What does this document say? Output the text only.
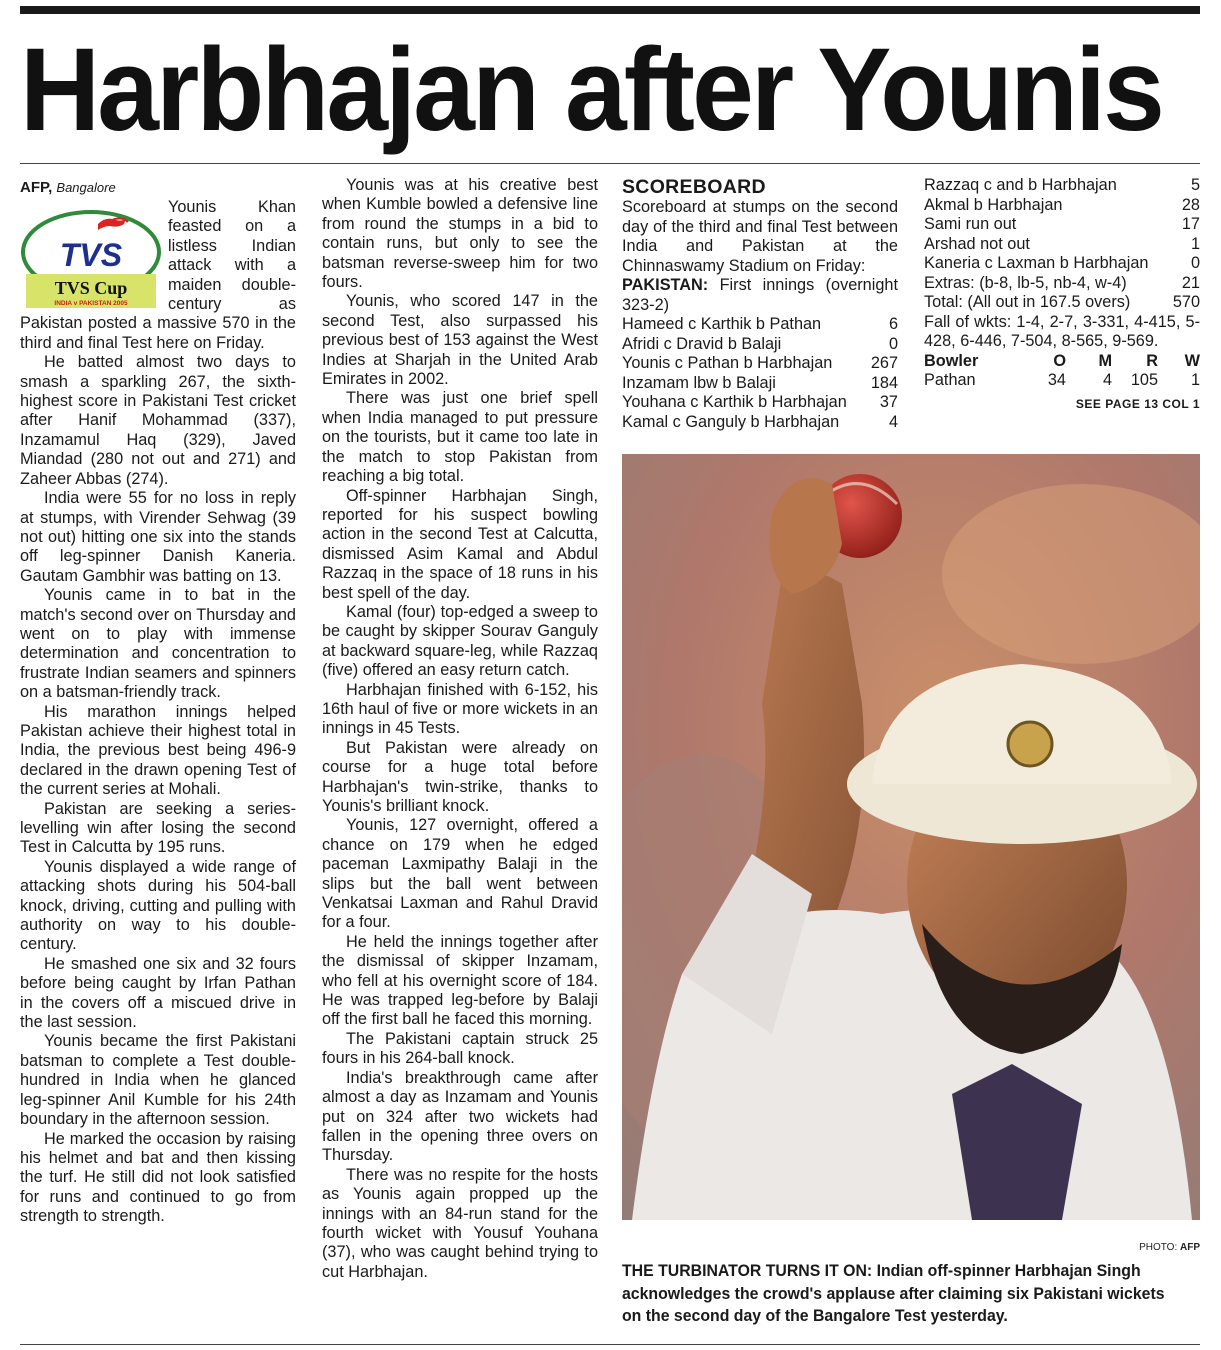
Harbhajan after Younis

AFP, Bangalore

TVS
TVS Cup
INDIA v PAKISTAN 2005

Younis Khan feasted on a listless Indian attack with a maiden double-century as Pakistan posted a massive 570 in the third and final Test here on Friday.

He batted almost two days to smash a sparkling 267, the sixth-highest score in Pakistani Test cricket after Hanif Mohammad (337), Inzamamul Haq (329), Javed Miandad (280 not out and 271) and Zaheer Abbas (274).

India were 55 for no loss in reply at stumps, with Virender Sehwag (39 not out) hitting one six into the stands off leg-spinner Danish Kaneria. Gautam Gambhir was batting on 13.

Younis came in to bat in the match's second over on Thursday and went on to play with immense determination and concentration to frustrate Indian seamers and spinners on a batsman-friendly track.

His marathon innings helped Pakistan achieve their highest total in India, the previous best being 496-9 declared in the drawn opening Test of the current series at Mohali.

Pakistan are seeking a series-levelling win after losing the second Test in Calcutta by 195 runs.

Younis displayed a wide range of attacking shots during his 504-ball knock, driving, cutting and pulling with authority on way to his double-century.

He smashed one six and 32 fours before being caught by Irfan Pathan in the covers off a miscued drive in the last session.

Younis became the first Pakistani batsman to complete a Test double-hundred in India when he glanced leg-spinner Anil Kumble for his 24th boundary in the afternoon session.

He marked the occasion by raising his helmet and bat and then kissing the turf. He still did not look satisfied for runs and continued to go from strength to strength.

Younis was at his creative best when Kumble bowled a defensive line from round the stumps in a bid to contain runs, but only to see the batsman reverse-sweep him for two fours.

Younis, who scored 147 in the second Test, also surpassed his previous best of 153 against the West Indies at Sharjah in the United Arab Emirates in 2002.

There was just one brief spell when India managed to put pressure on the tourists, but it came too late in the match to stop Pakistan from reaching a big total.

Off-spinner Harbhajan Singh, reported for his suspect bowling action in the second Test at Calcutta, dismissed Asim Kamal and Abdul Razzaq in the space of 18 runs in his best spell of the day.

Kamal (four) top-edged a sweep to be caught by skipper Sourav Ganguly at backward square-leg, while Razzaq (five) offered an easy return catch.

Harbhajan finished with 6-152, his 16th haul of five or more wickets in an innings in 45 Tests.

But Pakistan were already on course for a huge total before Harbhajan's twin-strike, thanks to Younis's brilliant knock.

Younis, 127 overnight, offered a chance on 179 when he edged paceman Laxmipathy Balaji in the slips but the ball went between Venkatsai Laxman and Rahul Dravid for a four.

He held the innings together after the dismissal of skipper Inzamam, who fell at his overnight score of 184. He was trapped leg-before by Balaji off the first ball he faced this morning.

The Pakistani captain struck 25 fours in his 264-ball knock.

India's breakthrough came after almost a day as Inzamam and Younis put on 324 after two wickets had fallen in the opening three overs on Thursday.

There was no respite for the hosts as Younis again propped up the innings with an 84-run stand for the fourth wicket with Yousuf Youhana (37), who was caught behind trying to cut Harbhajan.

SCOREBOARD
Scoreboard at stumps on the second day of the third and final Test between India and Pakistan at the Chinnaswamy Stadium on Friday:
PAKISTAN: First innings (overnight 323-2)
Hameed c Karthik b Pathan	6
Afridi c Dravid b Balaji	0
Younis c Pathan b Harbhajan 267
Inzamam lbw b Balaji	184
Youhana c Karthik b Harbhajan 37
Kamal c Ganguly b Harbhajan	4
Razzaq c and b Harbhajan	5
Akmal b Harbhajan	28
Sami run out	17
Arshad not out	1
Kaneria c Laxman b Harbhajan	0
Extras: (b-8, lb-5, nb-4, w-4)	21
Total: (All out in 167.5 overs)	570
Fall of wkts: 1-4, 2-7, 3-331, 4-415, 5-428, 6-446, 7-504, 8-565, 9-569.
Bowler	O	M	R	W
Pathan	34	4	105	1
SEE PAGE 13 COL 1
PHOTO: AFP
THE TURBINATOR TURNS IT ON: Indian off-spinner Harbhajan Singh acknowledges the crowd's applause after claiming six Pakistani wickets on the second day of the Bangalore Test yesterday.
